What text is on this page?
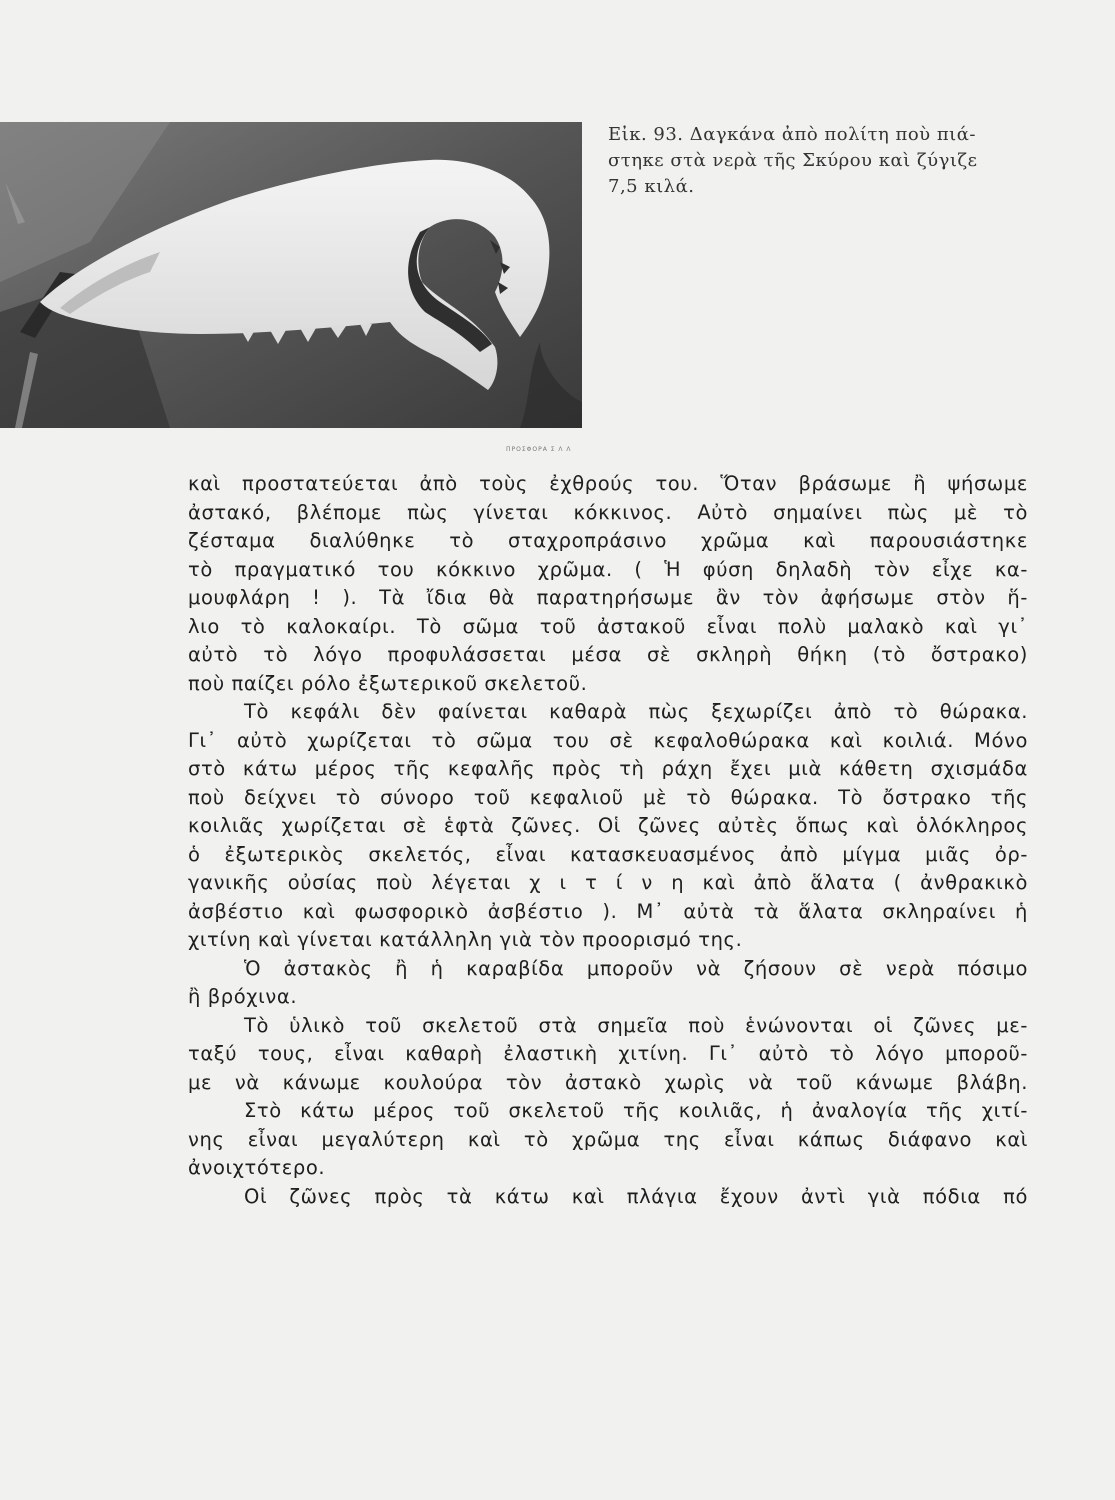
Εἰκ. 93. Δαγκάνα ἀπὸ πολίτη ποὺ πιά-
στηκε στὰ νερὰ τῆς Σκύρου καὶ ζύγιζε
7,5 κιλά.
ΠΡΟΣΦΟΡΑ Σ Λ Λ
καὶ προστατεύεται ἀπὸ τοὺς ἐχθρούς του. Ὅταν βράσωμε ἢ ψήσωμε
ἀστακό, βλέπομε πὼς γίνεται κόκκινος. Αὐτὸ σημαίνει πὼς μὲ τὸ
ζέσταμα διαλύθηκε τὸ σταχροπράσινο χρῶμα καὶ παρουσιάστηκε
τὸ πραγματικό του κόκκινο χρῶμα. ( Ἡ φύση δηλαδὴ τὸν εἶχε κα-
μουφλάρη ! ). Τὰ ἴδια θὰ παρατηρήσωμε ἂν τὸν ἀφήσωμε στὸν ἥ-
λιο τὸ καλοκαίρι. Τὸ σῶμα τοῦ ἀστακοῦ εἶναι πολὺ μαλακὸ καὶ γι᾽
αὐτὸ τὸ λόγο προφυλάσσεται μέσα σὲ σκληρὴ θήκη (τὸ ὄστρακο)
ποὺ παίζει ρόλο ἐξωτερικοῦ σκελετοῦ.
Τὸ κεφάλι δὲν φαίνεται καθαρὰ πὼς ξεχωρίζει ἀπὸ τὸ θώρακα.
Γι᾽ αὐτὸ χωρίζεται τὸ σῶμα του σὲ κεφαλοθώρακα καὶ κοιλιά. Μόνο
στὸ κάτω μέρος τῆς κεφαλῆς πρὸς τὴ ράχη ἔχει μιὰ κάθετη σχισμάδα
ποὺ δείχνει τὸ σύνορο τοῦ κεφαλιοῦ μὲ τὸ θώρακα. Τὸ ὄστρακο τῆς
κοιλιᾶς χωρίζεται σὲ ἑφτὰ ζῶνες. Οἱ ζῶνες αὐτὲς ὅπως καὶ ὁλόκληρος
ὁ ἐξωτερικὸς σκελετός, εἶναι κατασκευασμένος ἀπὸ μίγμα μιᾶς ὀρ-
γανικῆς οὐσίας ποὺ λέγεται χ ι τ ί ν η καὶ ἀπὸ ἅλατα ( ἀνθρακικὸ
ἀσβέστιο καὶ φωσφορικὸ ἀσβέστιο ). Μ᾽ αὐτὰ τὰ ἅλατα σκληραίνει ἡ
χιτίνη καὶ γίνεται κατάλληλη γιὰ τὸν προορισμό της.
Ὁ ἀστακὸς ἢ ἡ καραβίδα μποροῦν νὰ ζήσουν σὲ νερὰ πόσιμο
ἢ βρόχινα.
Τὸ ὑλικὸ τοῦ σκελετοῦ στὰ σημεῖα ποὺ ἑνώνονται οἱ ζῶνες με-
ταξύ τους, εἶναι καθαρὴ ἐλαστικὴ χιτίνη. Γι᾽ αὐτὸ τὸ λόγο μποροῦ-
με νὰ κάνωμε κουλούρα τὸν ἀστακὸ χωρὶς νὰ τοῦ κάνωμε βλάβη.
Στὸ κάτω μέρος τοῦ σκελετοῦ τῆς κοιλιᾶς, ἡ ἀναλογία τῆς χιτί-
νης εἶναι μεγαλύτερη καὶ τὸ χρῶμα της εἶναι κάπως διάφανο καὶ
ἀνοιχτότερο.
Οἱ ζῶνες πρὸς τὰ κάτω καὶ πλάγια ἔχουν ἀντὶ γιὰ πόδια πό
